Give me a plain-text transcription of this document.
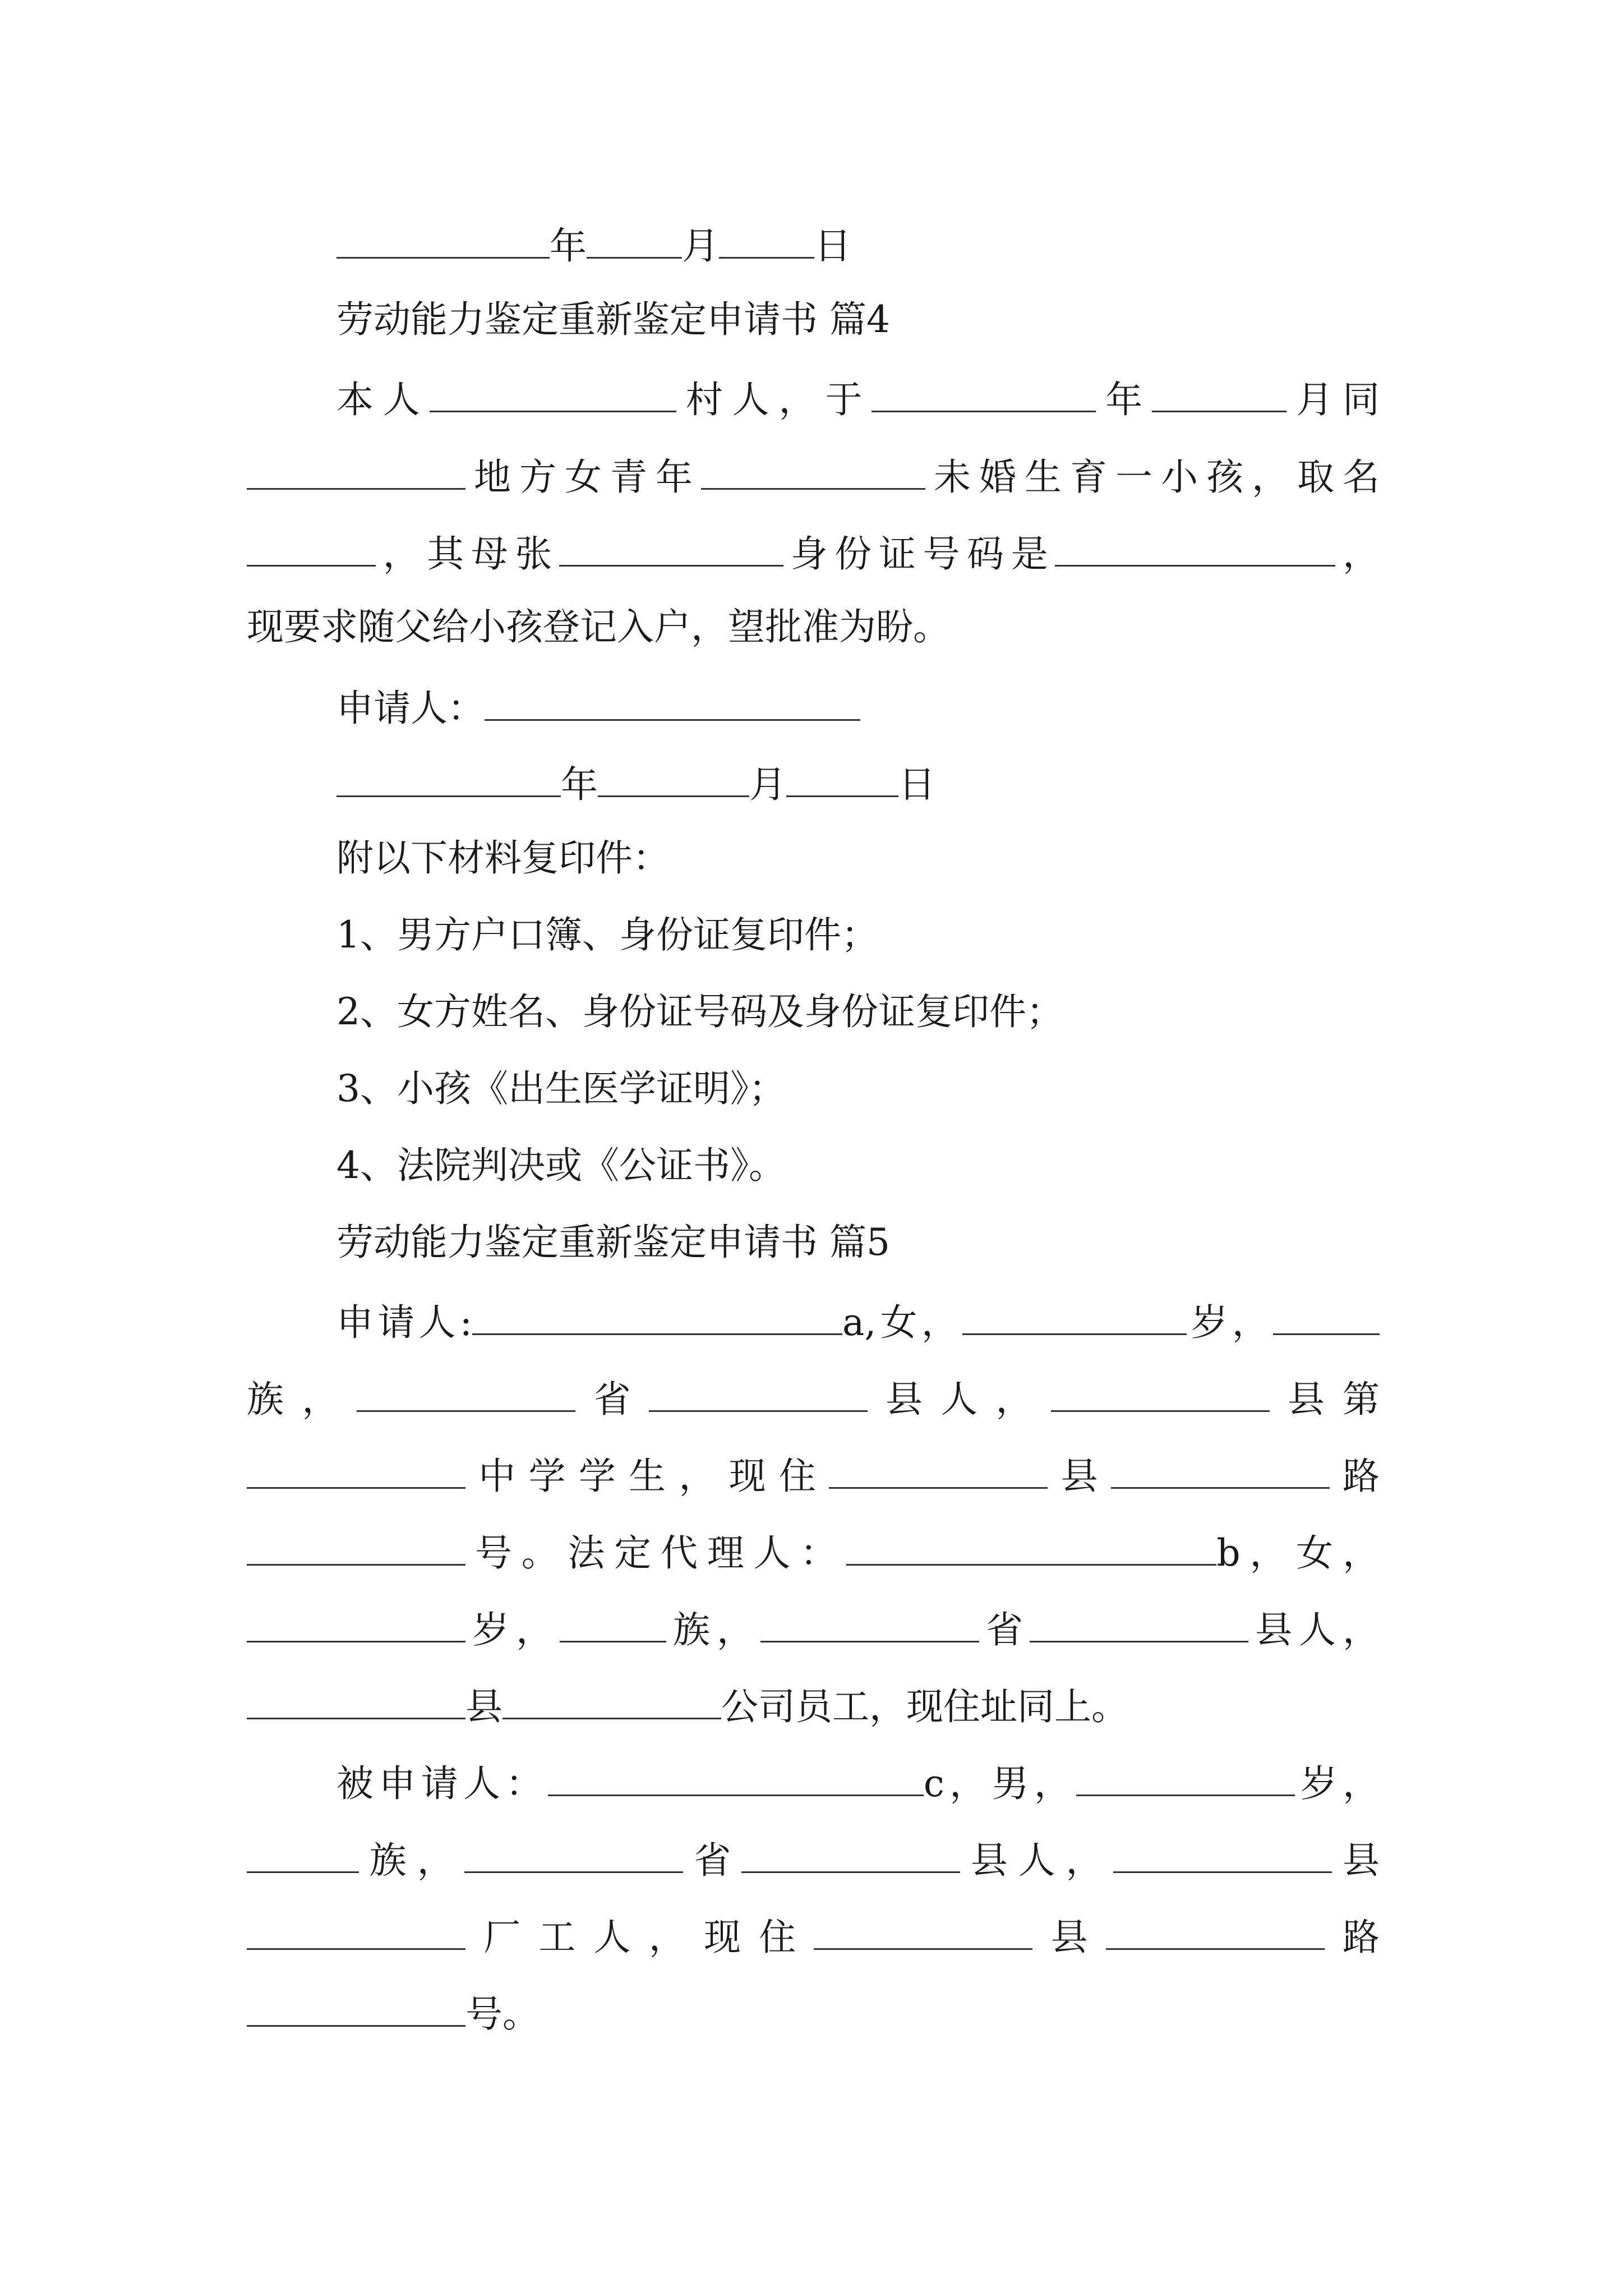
年	月	日
劳动能力鉴定重新鉴定申请书 篇4
本人	村人，于	年	月同
地方女青年	未婚生育一小孩，取名
，其母张	身份证号码是	，
现要求随父给小孩登记入户，望批准为盼。
申请人：
年	月	日
附以下材料复印件：
1、男方户口簿、身份证复印件；
2、女方姓名、身份证号码及身份证复印件；
3、小孩《出生医学证明》；
4、法院判决或《公证书》。
劳动能力鉴定重新鉴定申请书 篇5
申请人:	a,女，	岁，
族，	省	县人，	县第
中学学生，现住	县	路
号。法定代理人：	b，女，
岁，	族，	省	县人，
县	公司员工，现住址同上。
被申请人：	c，男，	岁，
族，	省	县人，	县
厂工人，现住	县	路
号。
